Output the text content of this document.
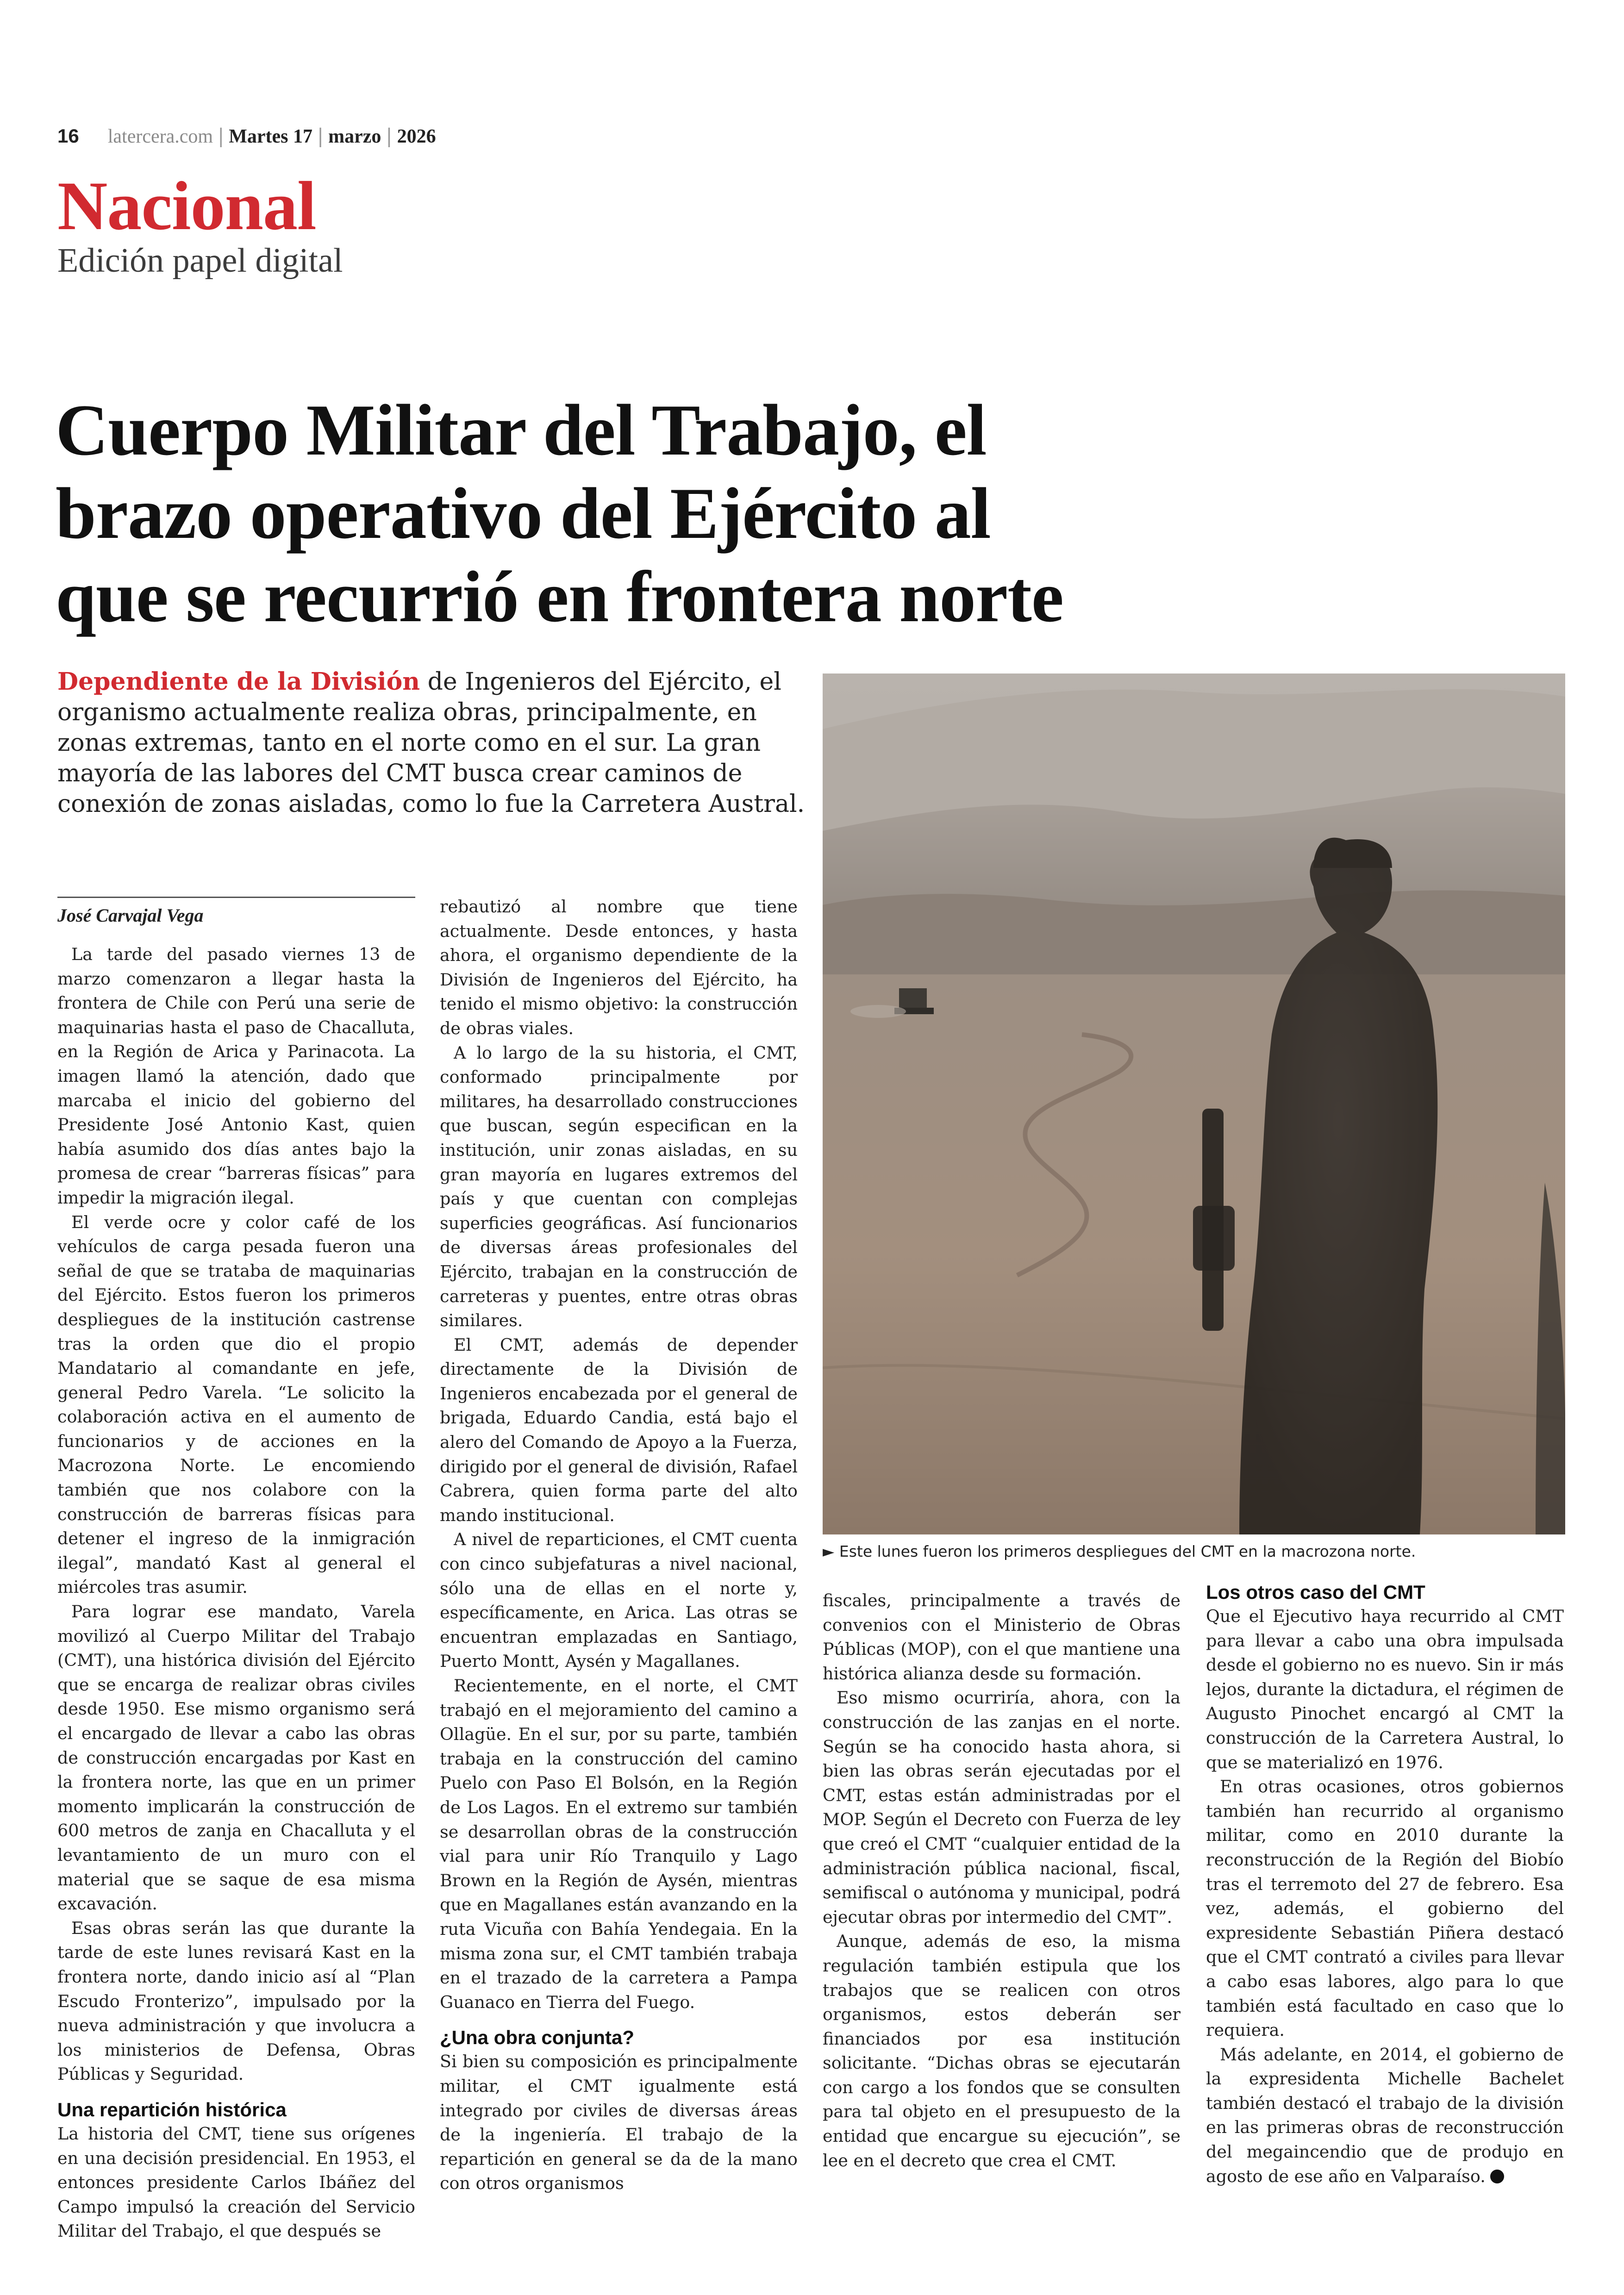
16 latercera.com | Martes 17 | marzo | 2026
Nacional
Edición papel digital
Cuerpo Militar del Trabajo, el
brazo operativo del Ejército al
que se recurrió en frontera norte
Dependiente de la División de Ingenieros del Ejército, el organismo actualmente realiza obras, principalmente, en zonas extremas, tanto en el norte como en el sur. La gran mayoría de las labores del CMT busca crear caminos de conexión de zonas aisladas, como lo fue la Carretera Austral.
► Este lunes fueron los primeros despliegues del CMT en la macrozona norte.
José Carvajal Vega

La tarde del pasado viernes 13 de marzo comenzaron a llegar hasta la frontera de Chile con Perú una serie de maquinarias hasta el paso de Chacalluta, en la Región de Arica y Parinacota. La imagen llamó la atención, dado que marcaba el inicio del gobierno del Presidente José Antonio Kast, quien había asumido dos días antes bajo la promesa de crear “barreras físicas” para impedir la migración ilegal.

El verde ocre y color café de los vehículos de carga pesada fueron una señal de que se trataba de maquinarias del Ejército. Estos fueron los primeros despliegues de la institución castrense tras la orden que dio el propio Mandatario al comandante en jefe, general Pedro Varela. “Le solicito la colaboración activa en el aumento de funcionarios y de acciones en la Macrozona Norte. Le encomiendo también que nos colabore con la construcción de barreras físicas para detener el ingreso de la inmigración ilegal”, mandató Kast al general el miércoles tras asumir.

Para lograr ese mandato, Varela movilizó al Cuerpo Militar del Trabajo (CMT), una histórica división del Ejército que se encarga de realizar obras civiles desde 1950. Ese mismo organismo será el encargado de llevar a cabo las obras de construcción encargadas por Kast en la frontera norte, las que en un primer momento implicarán la construcción de 600 metros de zanja en Chacalluta y el levantamiento de un muro con el material que se saque de esa misma excavación.

Esas obras serán las que durante la tarde de este lunes revisará Kast en la frontera norte, dando inicio así al “Plan Escudo Fronterizo”, impulsado por la nueva administración y que involucra a los ministerios de Defensa, Obras Públicas y Seguridad.

Una repartición histórica

La historia del CMT, tiene sus orígenes en una decisión presidencial. En 1953, el entonces presidente Carlos Ibáñez del Campo impulsó la creación del Servicio Militar del Trabajo, el que después se

rebautizó al nombre que tiene actualmente. Desde entonces, y hasta ahora, el organismo dependiente de la División de Ingenieros del Ejército, ha tenido el mismo objetivo: la construcción de obras viales.

A lo largo de la su historia, el CMT, conformado principalmente por militares, ha desarrollado construcciones que buscan, según especifican en la institución, unir zonas aisladas, en su gran mayoría en lugares extremos del país y que cuentan con complejas superficies geográficas. Así funcionarios de diversas áreas profesionales del Ejército, trabajan en la construcción de carreteras y puentes, entre otras obras similares.

El CMT, además de depender directamente de la División de Ingenieros encabezada por el general de brigada, Eduardo Candia, está bajo el alero del Comando de Apoyo a la Fuerza, dirigido por el general de división, Rafael Cabrera, quien forma parte del alto mando institucional.

A nivel de reparticiones, el CMT cuenta con cinco subjefaturas a nivel nacional, sólo una de ellas en el norte y, específicamente, en Arica. Las otras se encuentran emplazadas en Santiago, Puerto Montt, Aysén y Magallanes.

Recientemente, en el norte, el CMT trabajó en el mejoramiento del camino a Ollagüe. En el sur, por su parte, también trabaja en la construcción del camino Puelo con Paso El Bolsón, en la Región de Los Lagos. En el extremo sur también se desarrollan obras de la construcción vial para unir Río Tranquilo y Lago Brown en la Región de Aysén, mientras que en Magallanes están avanzando en la ruta Vicuña con Bahía Yendegaia. En la misma zona sur, el CMT también trabaja en el trazado de la carretera a Pampa Guanaco en Tierra del Fuego.

¿Una obra conjunta?

Si bien su composición es principalmente militar, el CMT igualmente está integrado por civiles de diversas áreas de la ingeniería. El trabajo de la repartición en general se da de la mano con otros organismos

fiscales, principalmente a través de convenios con el Ministerio de Obras Públicas (MOP), con el que mantiene una histórica alianza desde su formación.

Eso mismo ocurriría, ahora, con la construcción de las zanjas en el norte. Según se ha conocido hasta ahora, si bien las obras serán ejecutadas por el CMT, estas están administradas por el MOP. Según el Decreto con Fuerza de ley que creó el CMT “cualquier entidad de la administración pública nacional, fiscal, semifiscal o autónoma y municipal, podrá ejecutar obras por intermedio del CMT”.

Aunque, además de eso, la misma regulación también estipula que los trabajos que se realicen con otros organismos, estos deberán ser financiados por esa institución solicitante. “Dichas obras se ejecutarán con cargo a los fondos que se consulten para tal objeto en el presupuesto de la entidad que encargue su ejecución”, se lee en el decreto que crea el CMT.

Los otros caso del CMT

Que el Ejecutivo haya recurrido al CMT para llevar a cabo una obra impulsada desde el gobierno no es nuevo. Sin ir más lejos, durante la dictadura, el régimen de Augusto Pinochet encargó al CMT la construcción de la Carretera Austral, lo que se materializó en 1976.

En otras ocasiones, otros gobiernos también han recurrido al organismo militar, como en 2010 durante la reconstrucción de la Región del Biobío tras el terremoto del 27 de febrero. Esa vez, además, el gobierno del expresidente Sebastián Piñera destacó que el CMT contrató a civiles para llevar a cabo esas labores, algo para lo que también está facultado en caso que lo requiera.

Más adelante, en 2014, el gobierno de la expresidenta Michelle Bachelet también destacó el trabajo de la división en las primeras obras de reconstrucción del megaincendio que de produjo en agosto de ese año en Valparaíso.
